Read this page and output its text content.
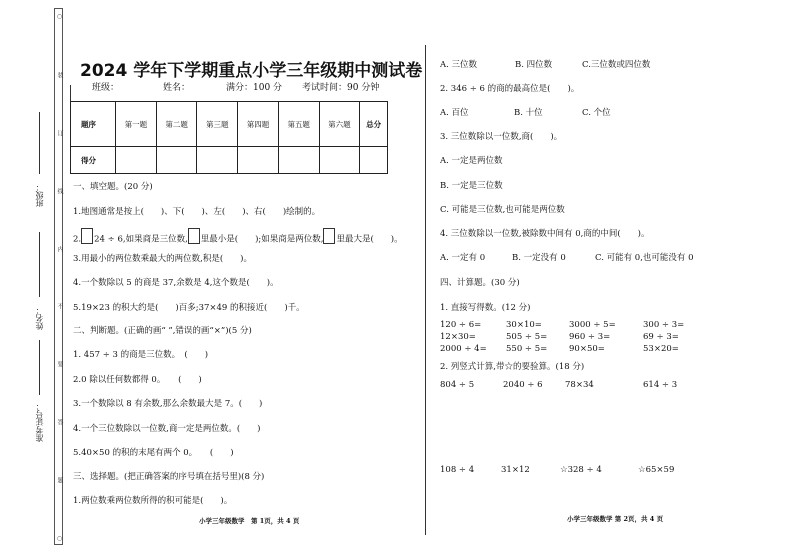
○
装
订
线
内
不
要
答
题
○
班级：
姓名：
准考证号：
2024 学年下学期重点小学三年级期中测试卷
班级：	姓名：	满分：100 分 考试时间：90 分钟
题序	第一题	第二题	第三题	第四题	第五题	第六题	总分
得分							
一、填空题。(20 分)
1.地图通常是按上(　　)、下(　　)、左(　　)、右(　　)绘制的。
2. 24 ÷ 6,如果商是三位数, 里最小是(　　);如果商是两位数, 里最大是(　　)。
3.用最小的两位数乘最大的两位数,积是(　　)。
4.一个数除以 5 的商是 37,余数是 4,这个数是(　　)。
5.19×23 的积大约是(　　)百多;37×49 的积接近(　　)千。
二、判断题。(正确的画“ ”,错误的画“×”)(5 分)
1. 457 ÷ 3 的商是三位数。　(　　)
2.0 除以任何数都得 0。　　(　　)
3.一个数除以 8 有余数,那么余数最大是 7。(　　)
4.一个三位数除以一位数,商一定是两位数。(　　)
5.40×50 的积的末尾有两个 0。　　(　　)
三、选择题。(把正确答案的序号填在括号里)(8 分)
1.两位数乘两位数所得的积可能是(　　)。
小学三年级数学　第 1页，共 4 页
A. 三位数	B. 四位数	C.三位数或四位数
2. 346 ÷ 6 的商的最高位是(　　)。
A. 百位	B. 十位	C. 个位
3. 三位数除以一位数,商(　　)。
A. 一定是两位数
B. 一定是三位数
C. 可能是三位数,也可能是两位数
4. 三位数除以一位数,被除数中间有 0,商的中间(　　)。
A. 一定有 0	B. 一定没有 0	C. 可能有 0,也可能没有 0
四、计算题。(30 分)
1. 直接写得数。(12 分)
2. 列竖式计算,带☆的要验算。(18 分)
小学三年级数学 第 2页，共 4 页
120 ÷ 6=	30×10=	3000 ÷ 5=	300 ÷ 3=
12×30=	505 ÷ 5=	960 ÷ 3=	69 ÷ 3=
2000 ÷ 4= 550 ÷ 5=	90×50=	53×20=
804 ÷ 5	2040 ÷ 6	78×34	614 ÷ 3
108 ÷ 4	31×12	☆328 ÷ 4	☆65×59
